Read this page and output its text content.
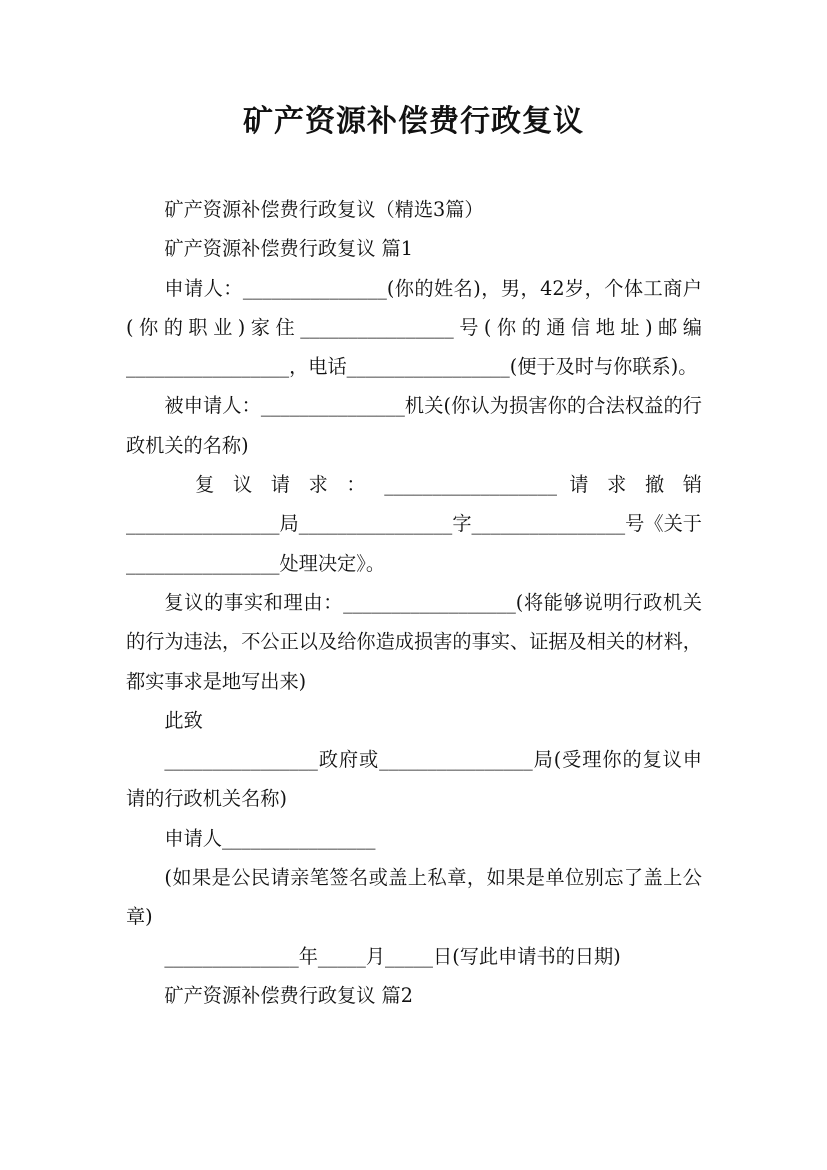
矿产资源补偿费行政复议

矿产资源补偿费行政复议（精选3篇）

矿产资源补偿费行政复议 篇1

申请人：_______________(你的姓名)，男，42岁，个体工商户(你的职业)家住________________号(你的通信地址)邮编_________________，电话_________________(便于及时与你联系)。

被申请人：_______________机关(你认为损害你的合法权益的行政机关的名称)

复 议 请 求 ： __________________ 请 求 撤 销 ________________局________________字________________号《关于________________处理决定》。

复议的事实和理由：__________________(将能够说明行政机关的行为违法，不公正以及给你造成损害的事实、证据及相关的材料，都实事求是地写出来)

此致

________________政府或________________局(受理你的复议申请的行政机关名称)

申请人________________

(如果是公民请亲笔签名或盖上私章，如果是单位别忘了盖上公章)

______________年_____月_____日(写此申请书的日期)

矿产资源补偿费行政复议 篇2
